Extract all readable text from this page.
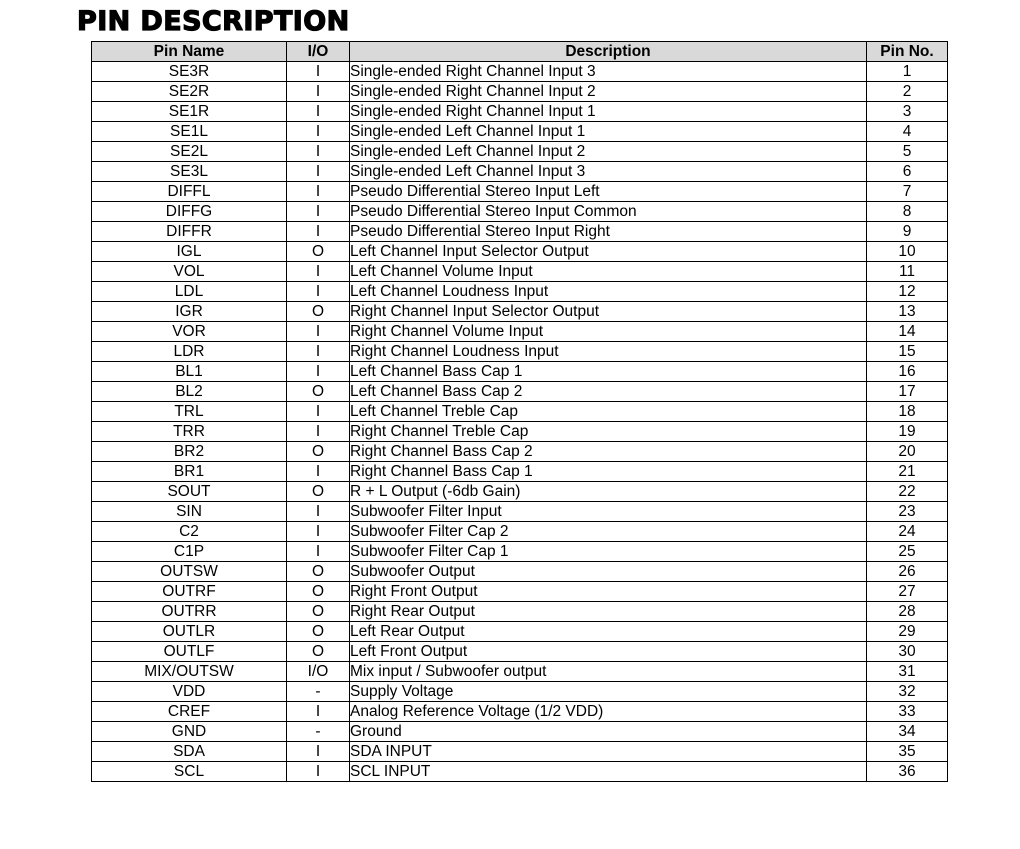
PIN DESCRIPTION
Pin Name	I/O	Description	Pin No.
SE3R	I	Single-ended Right Channel Input 3	1
SE2R	I	Single-ended Right Channel Input 2	2
SE1R	I	Single-ended Right Channel Input 1	3
SE1L	I	Single-ended Left Channel Input 1	4
SE2L	I	Single-ended Left Channel Input 2	5
SE3L	I	Single-ended Left Channel Input 3	6
DIFFL	I	Pseudo Differential Stereo Input Left	7
DIFFG	I	Pseudo Differential Stereo Input Common	8
DIFFR	I	Pseudo Differential Stereo Input Right	9
IGL	O	Left Channel Input Selector Output	10
VOL	I	Left Channel Volume Input	11
LDL	I	Left Channel Loudness Input	12
IGR	O	Right Channel Input Selector Output	13
VOR	I	Right Channel Volume Input	14
LDR	I	Right Channel Loudness Input	15
BL1	I	Left Channel Bass Cap 1	16
BL2	O	Left Channel Bass Cap 2	17
TRL	I	Left Channel Treble Cap	18
TRR	I	Right Channel Treble Cap	19
BR2	O	Right Channel Bass Cap 2	20
BR1	I	Right Channel Bass Cap 1	21
SOUT	O	R + L Output (-6db Gain)	22
SIN	I	Subwoofer Filter Input	23
C2	I	Subwoofer Filter Cap 2	24
C1P	I	Subwoofer Filter Cap 1	25
OUTSW	O	Subwoofer Output	26
OUTRF	O	Right Front Output	27
OUTRR	O	Right Rear Output	28
OUTLR	O	Left Rear Output	29
OUTLF	O	Left Front Output	30
MIX/OUTSW	I/O	Mix input / Subwoofer output	31
VDD	-	Supply Voltage	32
CREF	I	Analog Reference Voltage (1/2 VDD)	33
GND	-	Ground	34
SDA	I	SDA INPUT	35
SCL	I	SCL INPUT	36
